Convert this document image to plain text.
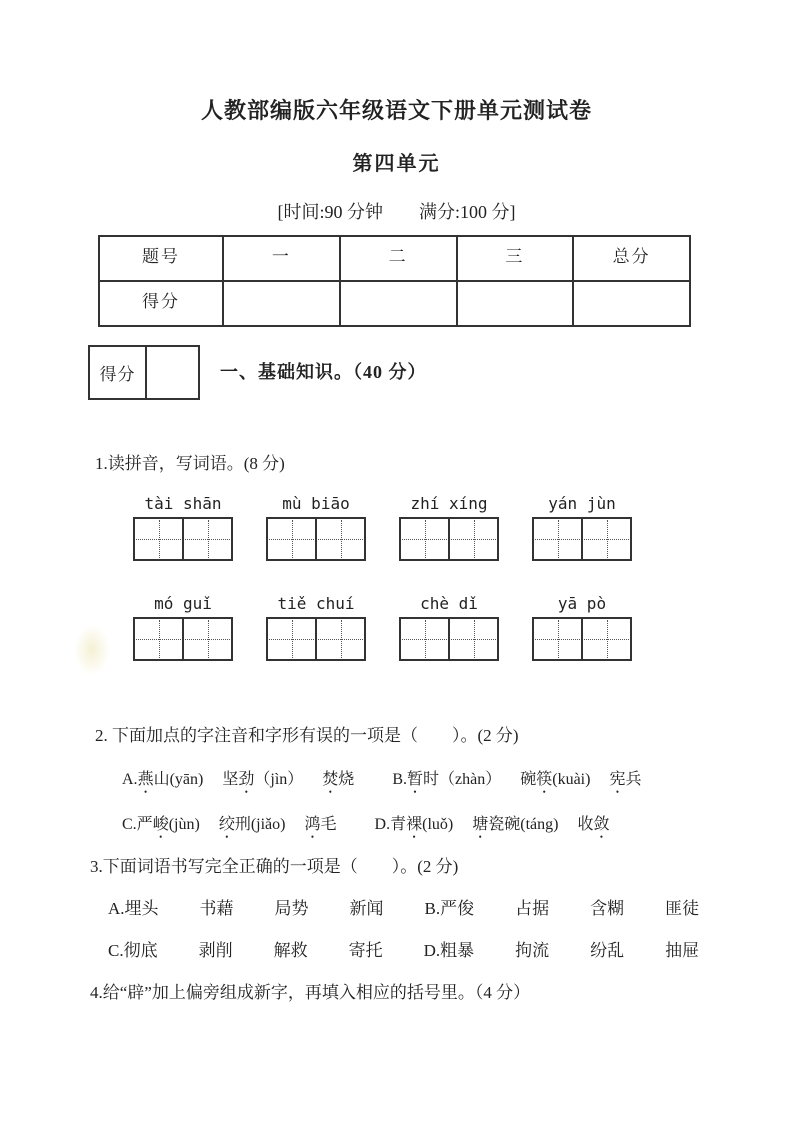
人教部编版六年级语文下册单元测试卷
第四单元
[时间:90 分钟　　满分:100 分]
题号	一	二	三	总分
得分				
得分	一、基础知识。（40 分）
1.读拼音，写词语。(8 分)
tài shān	mù biāo	zhí xíng	yán jùn
mó guǐ	tiě chuí	chè dǐ	yā pò
2. 下面加点的字注音和字形有误的一项是（　　）。(2 分)
A.燕山(yān) 坚劲（jìn） 焚烧 B.暂时（zhàn） 碗筷(kuài) 宪兵
C.严峻(jùn) 绞刑(jiǎo) 鸿毛 D.青裸(luǒ) 塘瓷碗(táng) 收敛
3.下面词语书写完全正确的一项是（　　）。(2 分)
A.埋头 书藉 局势 新闻 B.严俊 占据 含糊 匪徒
C.彻底 剥削 解救 寄托 D.粗暴 拘流 纷乱 抽屉
4.给“辟”加上偏旁组成新字，再填入相应的括号里。（4 分）
